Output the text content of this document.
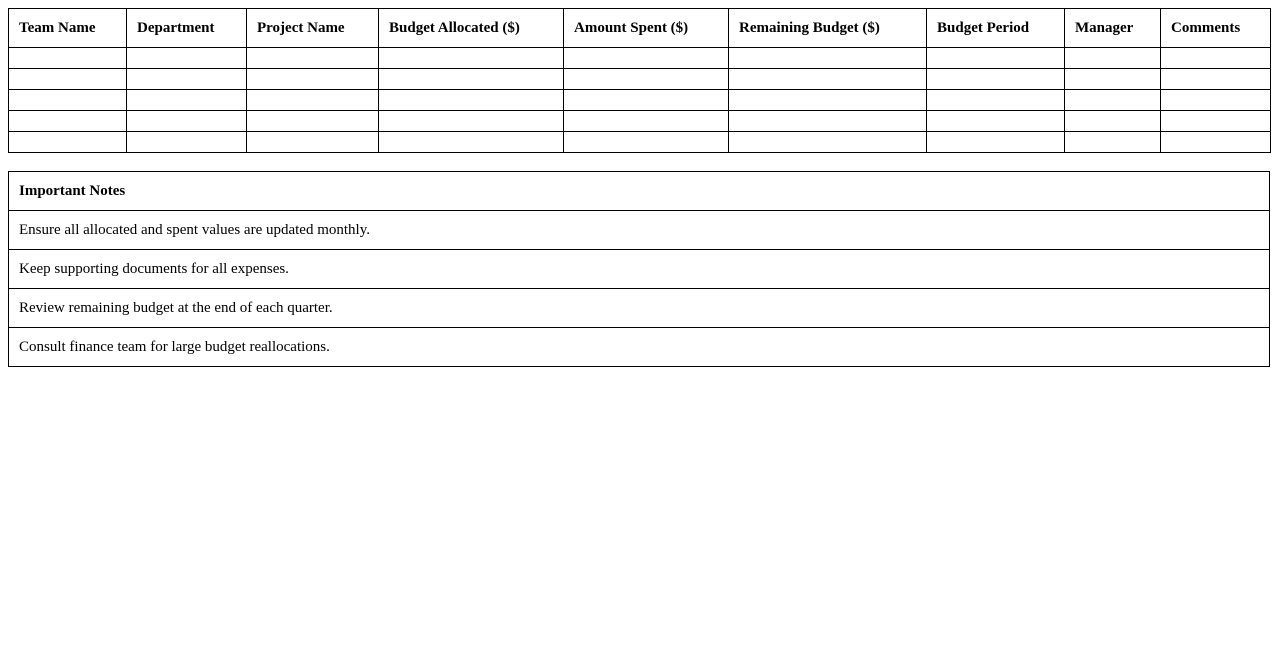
Team Name	Department	Project Name	Budget Allocated ($)	Amount Spent ($)	Remaining Budget ($)	Budget Period	Manager	Comments

Important Notes
Ensure all allocated and spent values are updated monthly.
Keep supporting documents for all expenses.
Review remaining budget at the end of each quarter.
Consult finance team for large budget reallocations.
